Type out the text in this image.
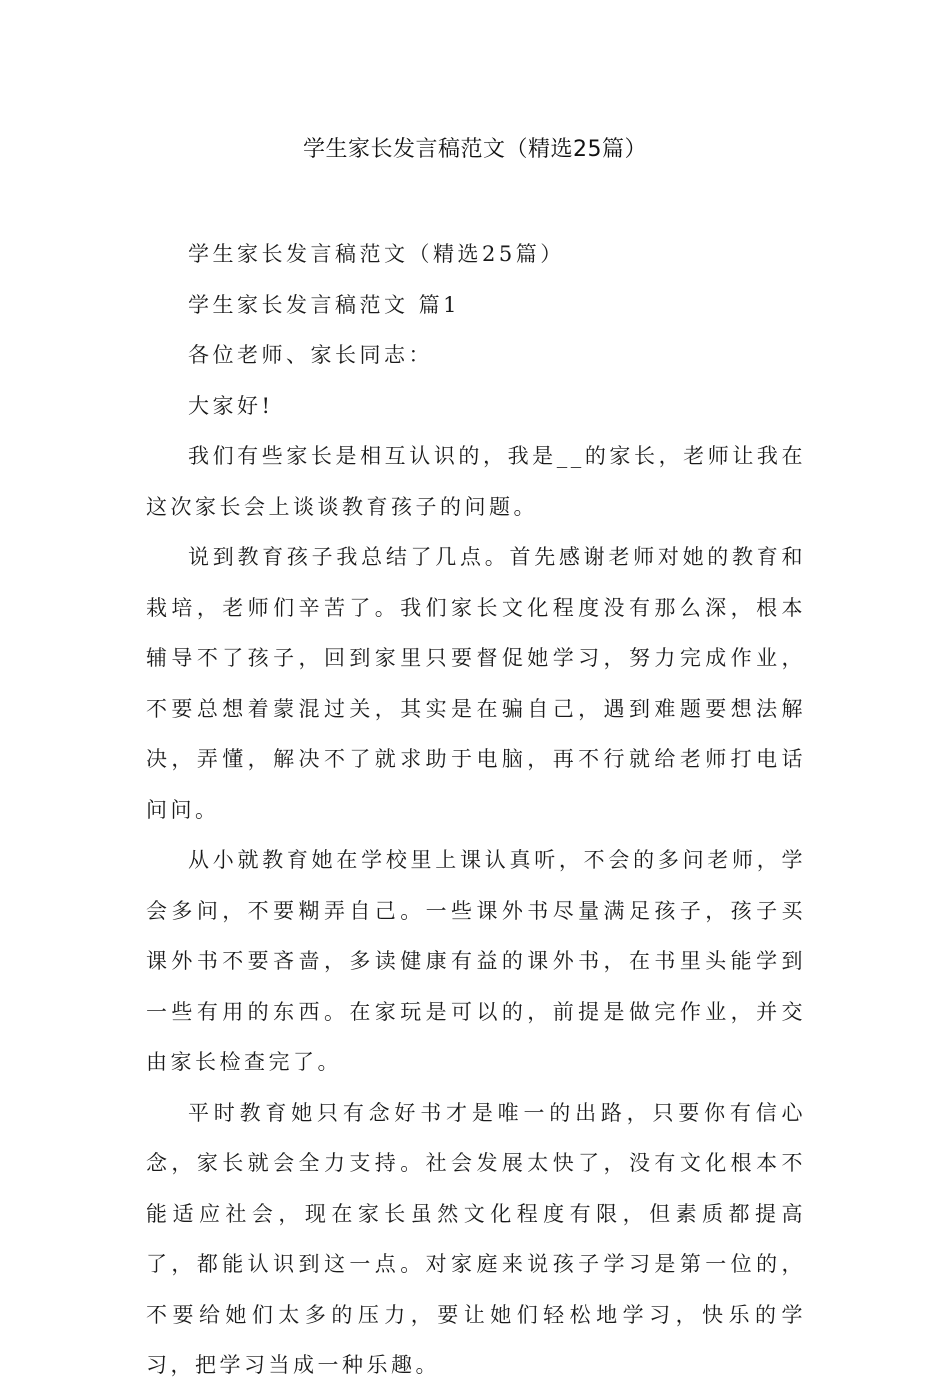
学生家长发言稿范文（精选25篇）

学生家长发言稿范文（精选25篇）

学生家长发言稿范文 篇1

各位老师、家长同志：

大家好!

我们有些家长是相互认识的，我是__的家长，老师让我在这次家长会上谈谈教育孩子的问题。

说到教育孩子我总结了几点。首先感谢老师对她的教育和栽培，老师们辛苦了。我们家长文化程度没有那么深，根本辅导不了孩子，回到家里只要督促她学习，努力完成作业，不要总想着蒙混过关，其实是在骗自己，遇到难题要想法解决，弄懂，解决不了就求助于电脑，再不行就给老师打电话问问。

从小就教育她在学校里上课认真听，不会的多问老师，学会多问，不要糊弄自己。一些课外书尽量满足孩子，孩子买课外书不要吝啬，多读健康有益的课外书，在书里头能学到一些有用的东西。在家玩是可以的，前提是做完作业，并交由家长检查完了。

平时教育她只有念好书才是唯一的出路，只要你有信心念，家长就会全力支持。社会发展太快了，没有文化根本不能适应社会，现在家长虽然文化程度有限，但素质都提高了，都能认识到这一点。对家庭来说孩子学习是第一位的，不要给她们太多的压力，要让她们轻松地学习，快乐的学习，把学习当成一种乐趣。
